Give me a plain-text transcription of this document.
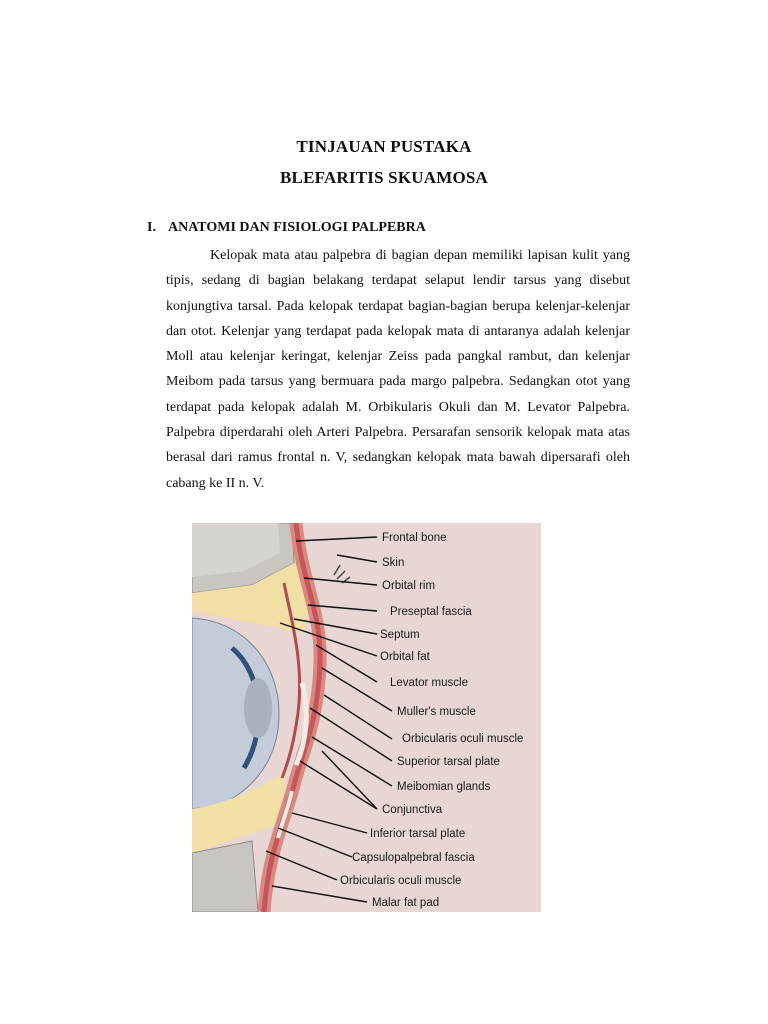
TINJAUAN PUSTAKA
BLEFARITIS SKUAMOSA
I. ANATOMI DAN FISIOLOGI PALPEBRA
Kelopak mata atau palpebra di bagian depan memiliki lapisan kulit yang tipis, sedang di bagian belakang terdapat selaput lendir tarsus yang disebut konjungtiva tarsal. Pada kelopak terdapat bagian-bagian berupa kelenjar-kelenjar dan otot. Kelenjar yang terdapat pada kelopak mata di antaranya adalah kelenjar Moll atau kelenjar keringat, kelenjar Zeiss pada pangkal rambut, dan kelenjar Meibom pada tarsus yang bermuara pada margo palpebra. Sedangkan otot yang terdapat pada kelopak adalah M. Orbikularis Okuli dan M. Levator Palpebra. Palpebra diperdarahi oleh Arteri Palpebra. Persarafan sensorik kelopak mata atas berasal dari ramus frontal n. V, sedangkan kelopak mata bawah dipersarafi oleh cabang ke II n. V.
Frontal bone
Skin
Orbital rim
Preseptal fascia
Septum
Orbital fat
Levator muscle
Muller's muscle
Orbicularis oculi muscle
Superior tarsal plate
Meibomian glands
Conjunctiva
Inferior tarsal plate
Capsulopalpebral fascia
Orbicularis oculi muscle
Malar fat pad
